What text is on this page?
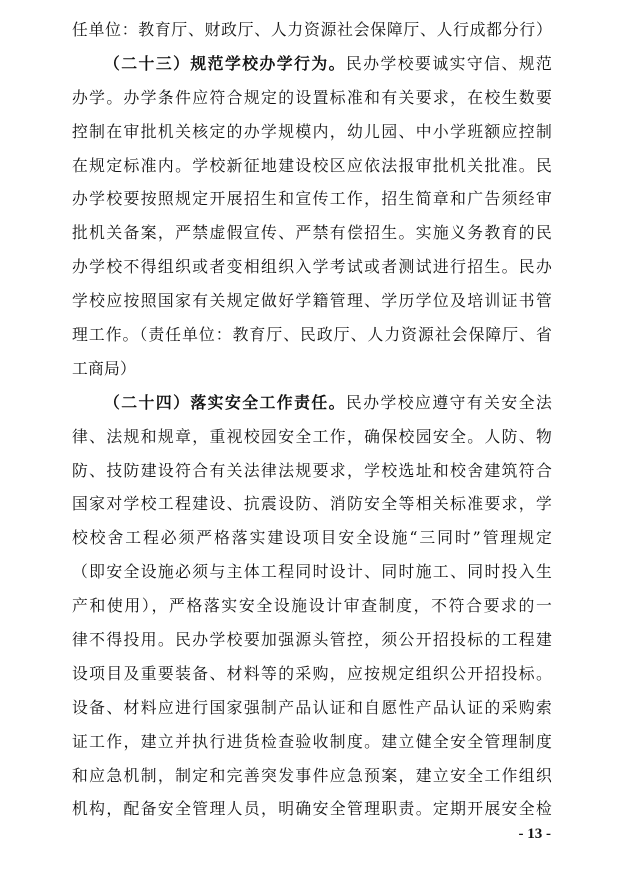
任单位：教育厅、财政厅、人力资源社会保障厅、人行成都分行）
（二十三）规范学校办学行为。民办学校要诚实守信、规范
办学。办学条件应符合规定的设置标准和有关要求，在校生数要
控制在审批机关核定的办学规模内，幼儿园、中小学班额应控制
在规定标准内。学校新征地建设校区应依法报审批机关批准。民
办学校要按照规定开展招生和宣传工作，招生简章和广告须经审
批机关备案，严禁虚假宣传、严禁有偿招生。实施义务教育的民
办学校不得组织或者变相组织入学考试或者测试进行招生。民办
学校应按照国家有关规定做好学籍管理、学历学位及培训证书管
理工作。（责任单位：教育厅、民政厅、人力资源社会保障厅、省
工商局）
（二十四）落实安全工作责任。民办学校应遵守有关安全法
律、法规和规章，重视校园安全工作，确保校园安全。人防、物
防、技防建设符合有关法律法规要求，学校选址和校舍建筑符合
国家对学校工程建设、抗震设防、消防安全等相关标准要求，学
校校舍工程必须严格落实建设项目安全设施“三同时”管理规定
（即安全设施必须与主体工程同时设计、同时施工、同时投入生
产和使用），严格落实安全设施设计审查制度，不符合要求的一
律不得投用。民办学校要加强源头管控，须公开招投标的工程建
设项目及重要装备、材料等的采购，应按规定组织公开招投标。
设备、材料应进行国家强制产品认证和自愿性产品认证的采购索
证工作，建立并执行进货检查验收制度。建立健全安全管理制度
和应急机制，制定和完善突发事件应急预案，建立安全工作组织
机构，配备安全管理人员，明确安全管理职责。定期开展安全检
- 13 -
